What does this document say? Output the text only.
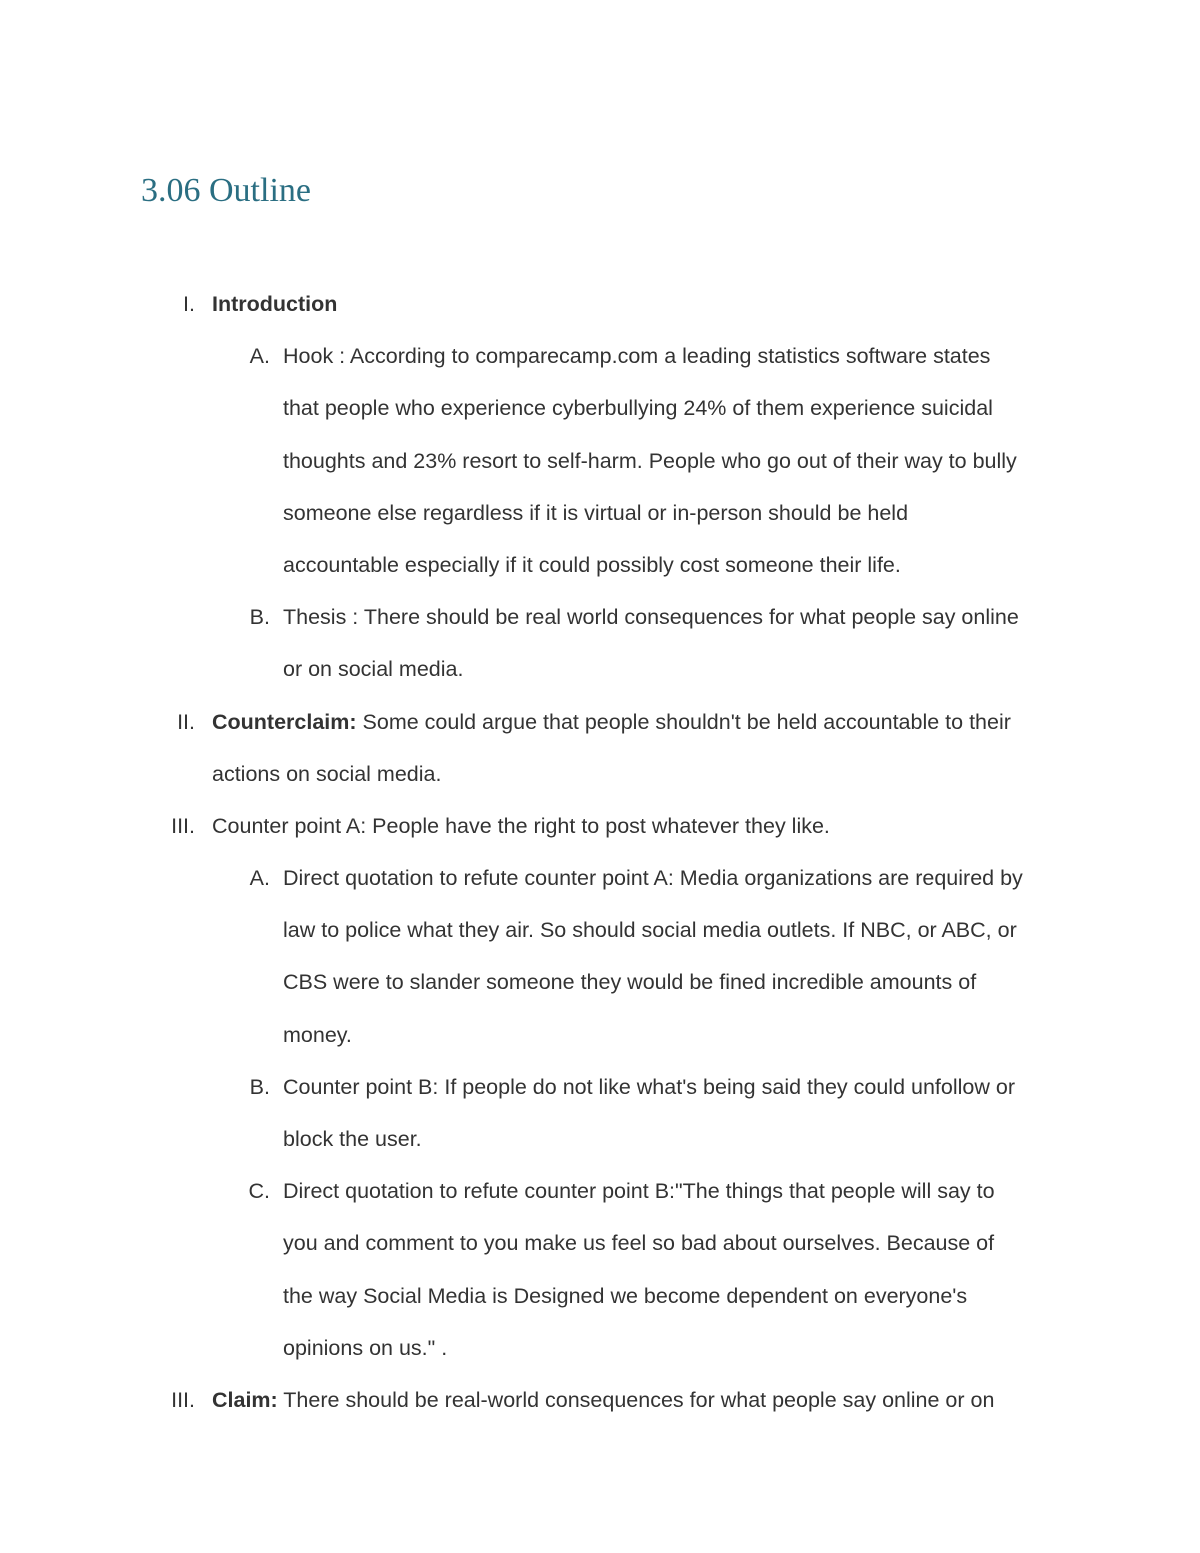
3.06 Outline
I. Introduction
A. Hook : According to comparecamp.com a leading statistics software states
that people who experience cyberbullying 24% of them experience suicidal
thoughts and 23% resort to self-harm. People who go out of their way to bully
someone else regardless if it is virtual or in-person should be held
accountable especially if it could possibly cost someone their life.
B. Thesis : There should be real world consequences for what people say online
or on social media.
II. Counterclaim: Some could argue that people shouldn't be held accountable to their
actions on social media.
III. Counter point A: People have the right to post whatever they like.
A. Direct quotation to refute counter point A: Media organizations are required by
law to police what they air. So should social media outlets. If NBC, or ABC, or
CBS were to slander someone they would be fined incredible amounts of
money.
B. Counter point B: If people do not like what's being said they could unfollow or
block the user.
C. Direct quotation to refute counter point B:"The things that people will say to
you and comment to you make us feel so bad about ourselves. Because of
the way Social Media is Designed we become dependent on everyone's
opinions on us." .
III. Claim: There should be real-world consequences for what people say online or on
